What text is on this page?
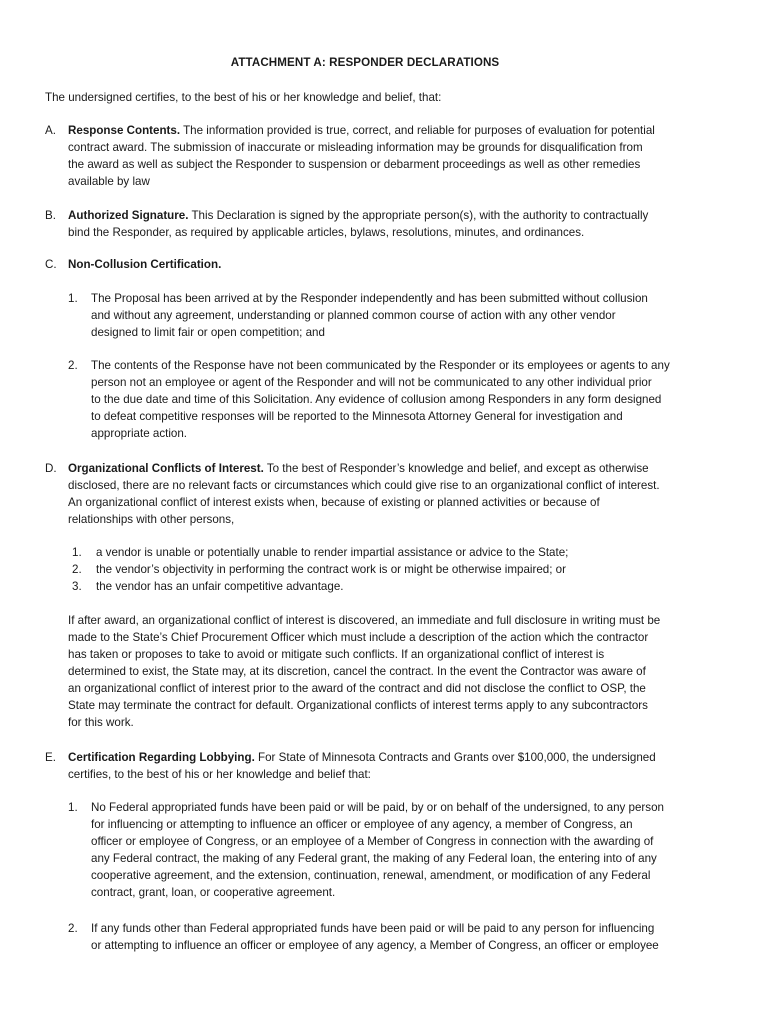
ATTACHMENT A: RESPONDER DECLARATIONS
The undersigned certifies, to the best of his or her knowledge and belief, that:
A. Response Contents. The information provided is true, correct, and reliable for purposes of evaluation for potential
contract award. The submission of inaccurate or misleading information may be grounds for disqualification from
the award as well as subject the Responder to suspension or debarment proceedings as well as other remedies
available by law
B. Authorized Signature. This Declaration is signed by the appropriate person(s), with the authority to contractually
bind the Responder, as required by applicable articles, bylaws, resolutions, minutes, and ordinances.
C. Non-Collusion Certification.
1. The Proposal has been arrived at by the Responder independently and has been submitted without collusion
and without any agreement, understanding or planned common course of action with any other vendor
designed to limit fair or open competition; and
2. The contents of the Response have not been communicated by the Responder or its employees or agents to any
person not an employee or agent of the Responder and will not be communicated to any other individual prior
to the due date and time of this Solicitation. Any evidence of collusion among Responders in any form designed
to defeat competitive responses will be reported to the Minnesota Attorney General for investigation and
appropriate action.
D. Organizational Conflicts of Interest. To the best of Responder’s knowledge and belief, and except as otherwise
disclosed, there are no relevant facts or circumstances which could give rise to an organizational conflict of interest.
An organizational conflict of interest exists when, because of existing or planned activities or because of
relationships with other persons,
1. a vendor is unable or potentially unable to render impartial assistance or advice to the State;
2. the vendor’s objectivity in performing the contract work is or might be otherwise impaired; or
3. the vendor has an unfair competitive advantage.
If after award, an organizational conflict of interest is discovered, an immediate and full disclosure in writing must be
made to the State’s Chief Procurement Officer which must include a description of the action which the contractor
has taken or proposes to take to avoid or mitigate such conflicts. If an organizational conflict of interest is
determined to exist, the State may, at its discretion, cancel the contract. In the event the Contractor was aware of
an organizational conflict of interest prior to the award of the contract and did not disclose the conflict to OSP, the
State may terminate the contract for default. Organizational conflicts of interest terms apply to any subcontractors
for this work.
E. Certification Regarding Lobbying. For State of Minnesota Contracts and Grants over $100,000, the undersigned
certifies, to the best of his or her knowledge and belief that:
1. No Federal appropriated funds have been paid or will be paid, by or on behalf of the undersigned, to any person
for influencing or attempting to influence an officer or employee of any agency, a member of Congress, an
officer or employee of Congress, or an employee of a Member of Congress in connection with the awarding of
any Federal contract, the making of any Federal grant, the making of any Federal loan, the entering into of any
cooperative agreement, and the extension, continuation, renewal, amendment, or modification of any Federal
contract, grant, loan, or cooperative agreement.
2. If any funds other than Federal appropriated funds have been paid or will be paid to any person for influencing
or attempting to influence an officer or employee of any agency, a Member of Congress, an officer or employee
